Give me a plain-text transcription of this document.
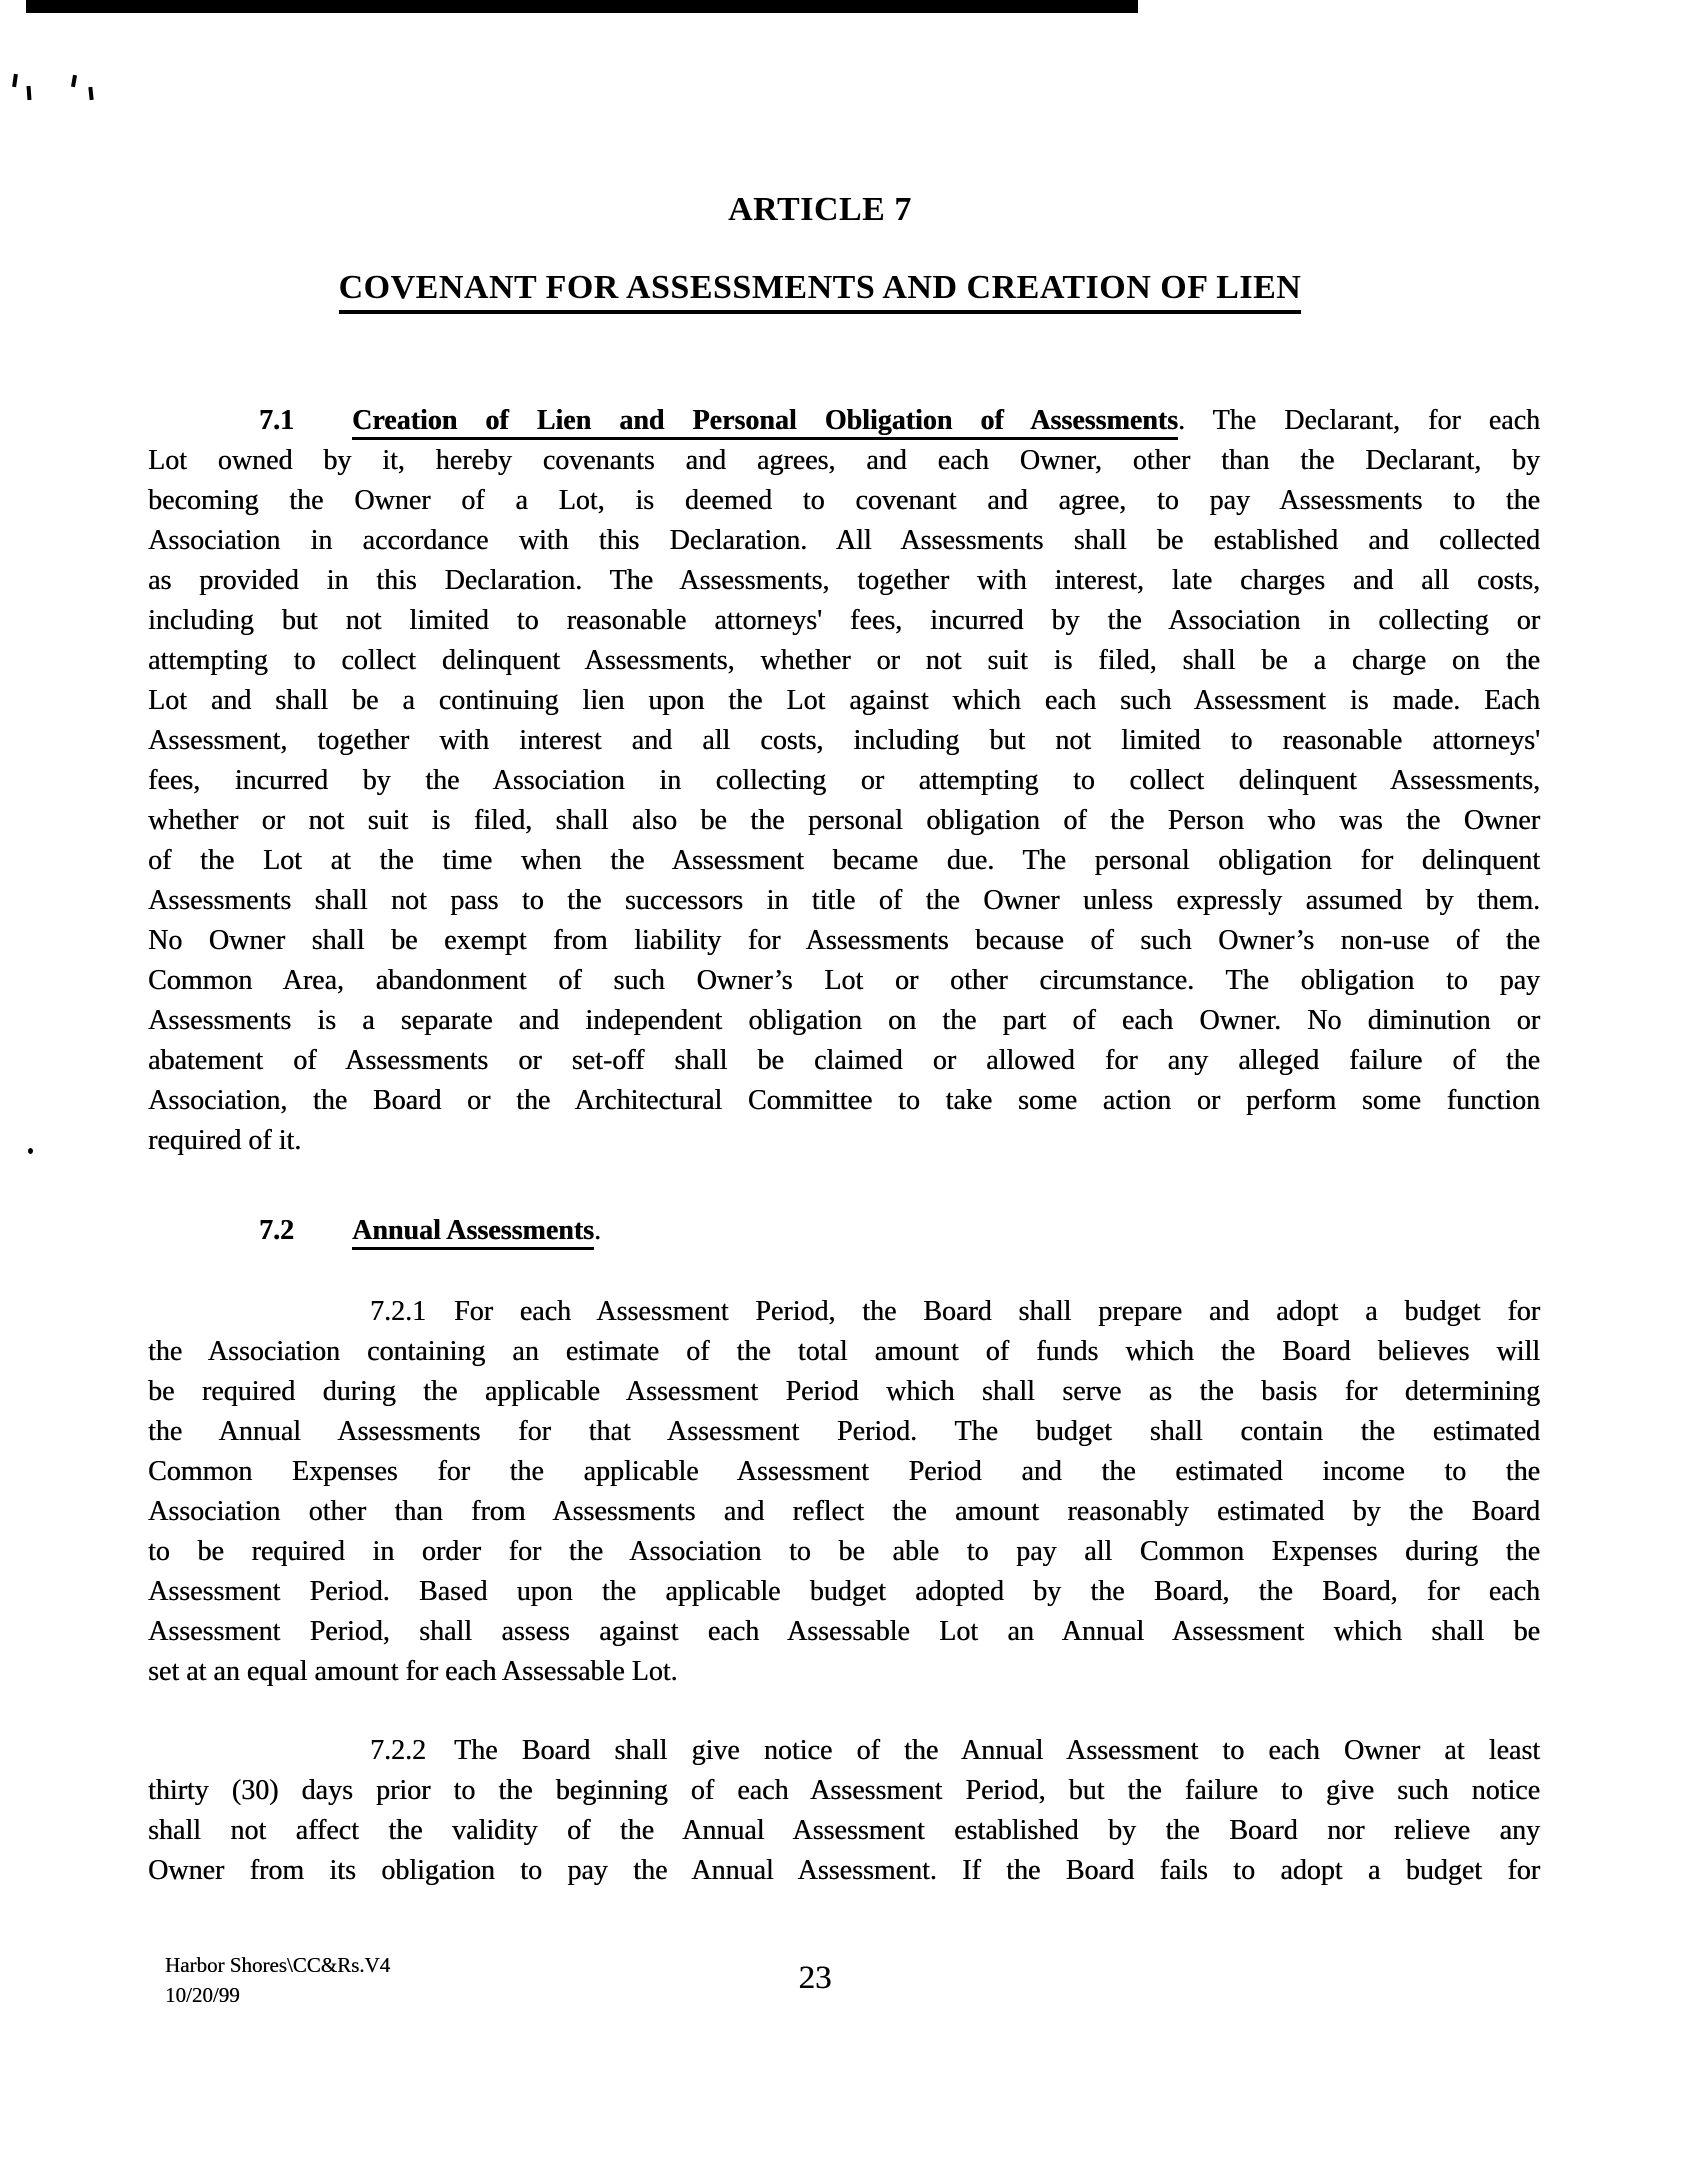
ARTICLE 7
COVENANT FOR ASSESSMENTS AND CREATION OF LIEN
7.1 Creation of Lien and Personal Obligation of Assessments. The Declarant, for each
Lot owned by it, hereby covenants and agrees, and each Owner, other than the Declarant, by
becoming the Owner of a Lot, is deemed to covenant and agree, to pay Assessments to the
Association in accordance with this Declaration. All Assessments shall be established and collected
as provided in this Declaration. The Assessments, together with interest, late charges and all costs,
including but not limited to reasonable attorneys' fees, incurred by the Association in collecting or
attempting to collect delinquent Assessments, whether or not suit is filed, shall be a charge on the
Lot and shall be a continuing lien upon the Lot against which each such Assessment is made. Each
Assessment, together with interest and all costs, including but not limited to reasonable attorneys'
fees, incurred by the Association in collecting or attempting to collect delinquent Assessments,
whether or not suit is filed, shall also be the personal obligation of the Person who was the Owner
of the Lot at the time when the Assessment became due. The personal obligation for delinquent
Assessments shall not pass to the successors in title of the Owner unless expressly assumed by them.
No Owner shall be exempt from liability for Assessments because of such Owner’s non-use of the
Common Area, abandonment of such Owner’s Lot or other circumstance. The obligation to pay
Assessments is a separate and independent obligation on the part of each Owner. No diminution or
abatement of Assessments or set-off shall be claimed or allowed for any alleged failure of the
Association, the Board or the Architectural Committee to take some action or perform some function
required of it.
7.2 Annual Assessments.
7.2.1 For each Assessment Period, the Board shall prepare and adopt a budget for
the Association containing an estimate of the total amount of funds which the Board believes will
be required during the applicable Assessment Period which shall serve as the basis for determining
the Annual Assessments for that Assessment Period. The budget shall contain the estimated
Common Expenses for the applicable Assessment Period and the estimated income to the
Association other than from Assessments and reflect the amount reasonably estimated by the Board
to be required in order for the Association to be able to pay all Common Expenses during the
Assessment Period. Based upon the applicable budget adopted by the Board, the Board, for each
Assessment Period, shall assess against each Assessable Lot an Annual Assessment which shall be
set at an equal amount for each Assessable Lot.
7.2.2 The Board shall give notice of the Annual Assessment to each Owner at least
thirty (30) days prior to the beginning of each Assessment Period, but the failure to give such notice
shall not affect the validity of the Annual Assessment established by the Board nor relieve any
Owner from its obligation to pay the Annual Assessment. If the Board fails to adopt a budget for
Harbor Shores\CC&Rs.V4
10/20/99	23
